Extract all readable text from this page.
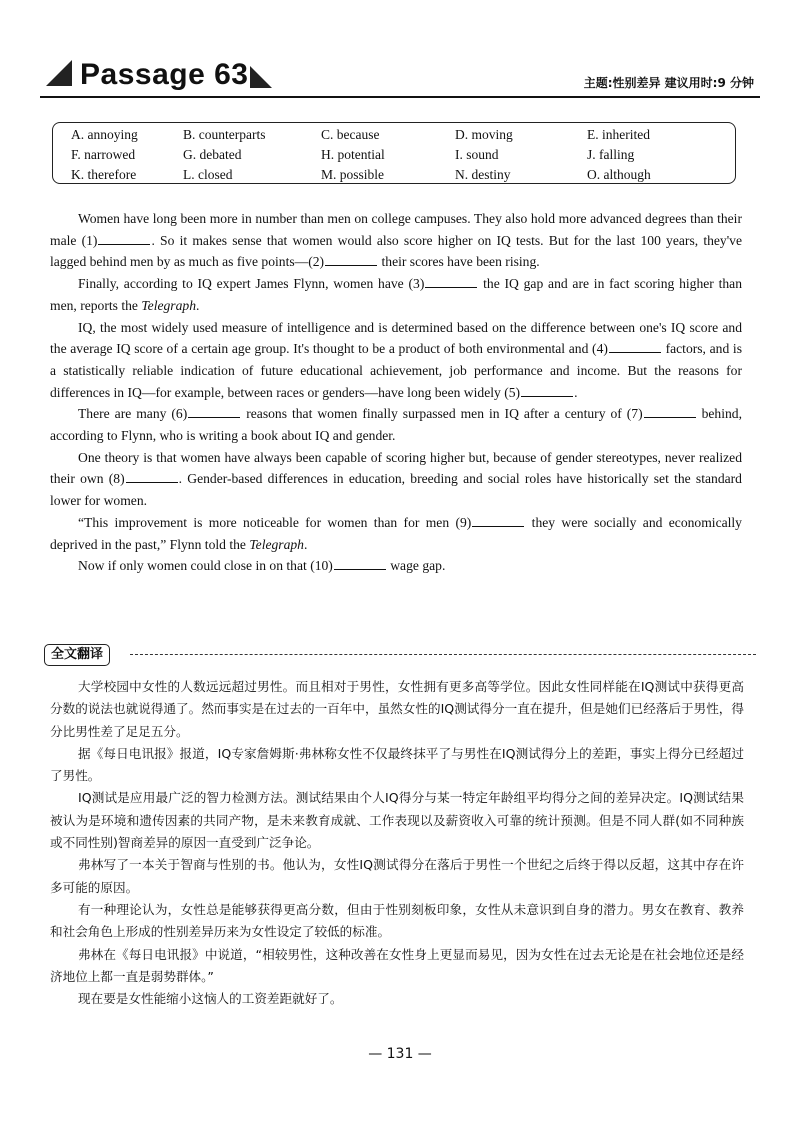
Passage 63	主题:性别差异 建议用时:9 分钟
A. annoying	B. counterparts	C. because	D. moving	E. inherited
F. narrowed	G. debated	H. potential	I. sound	J. falling
K. therefore	L. closed	M. possible	N. destiny	O. although

Women have long been more in number than men on college campuses. They also hold more advanced degrees than their male (1)	. So it makes sense that women would also score higher on IQ tests. But for the last 100 years, they've lagged behind men by as much as five points—(2)	their scores have been rising.

Finally, according to IQ expert James Flynn, women have (3)	the IQ gap and are in fact scoring higher than men, reports the Telegraph.

IQ, the most widely used measure of intelligence and is determined based on the difference between one's IQ score and the average IQ score of a certain age group. It's thought to be a product of both environmental and (4)	factors, and is a statistically reliable indication of future educational achievement, job performance and income. But the reasons for differences in IQ—for example, between races or genders—have long been widely (5)	.

There are many (6)	reasons that women finally surpassed men in IQ after a century of (7)	behind, according to Flynn, who is writing a book about IQ and gender.

One theory is that women have always been capable of scoring higher but, because of gender stereotypes, never realized their own (8)	. Gender-based differences in education, breeding and social roles have historically set the standard lower for women.

“This improvement is more noticeable for women than for men (9)	they were socially and economically deprived in the past,” Flynn told the Telegraph.

Now if only women could close in on that (10)	wage gap.

全文翻译

大学校园中女性的人数远远超过男性。而且相对于男性，女性拥有更多高等学位。因此女性同样能在IQ测试中获得更高分数的说法也就说得通了。然而事实是在过去的一百年中，虽然女性的IQ测试得分一直在提升，但是她们已经落后于男性，得分比男性差了足足五分。

据《每日电讯报》报道，IQ专家詹姆斯·弗林称女性不仅最终抹平了与男性在IQ测试得分上的差距，事实上得分已经超过了男性。

IQ测试是应用最广泛的智力检测方法。测试结果由个人IQ得分与某一特定年龄组平均得分之间的差异决定。IQ测试结果被认为是环境和遗传因素的共同产物，是未来教育成就、工作表现以及薪资收入可靠的统计预测。但是不同人群(如不同种族或不同性别)智商差异的原因一直受到广泛争论。

弗林写了一本关于智商与性别的书。他认为，女性IQ测试得分在落后于男性一个世纪之后终于得以反超，这其中存在许多可能的原因。

有一种理论认为，女性总是能够获得更高分数，但由于性别刻板印象，女性从未意识到自身的潜力。男女在教育、教养和社会角色上形成的性别差异历来为女性设定了较低的标准。

弗林在《每日电讯报》中说道，“相较男性，这种改善在女性身上更显而易见，因为女性在过去无论是在社会地位还是经济地位上都一直是弱势群体。”

现在要是女性能缩小这恼人的工资差距就好了。

— 131 —
